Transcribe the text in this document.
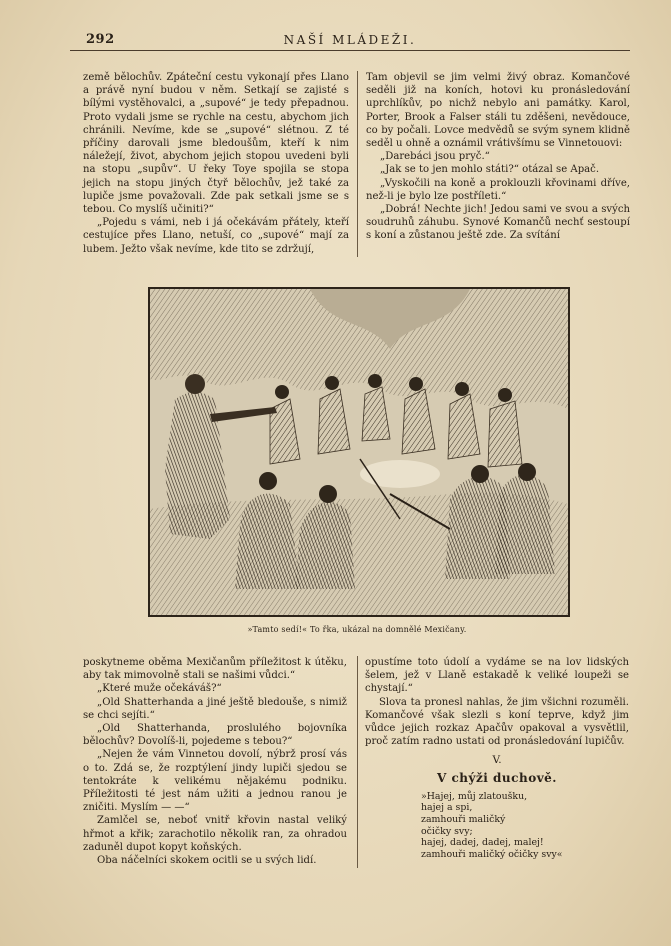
292	NAŠÍ MLÁDEŽI.

země bělochův. Zpáteční cestu vykonají přes Llano a právě nyní budou v něm. Setkají se zajisté s bílými vystěhovalci, a „supové“ je tedy přepadnou. Proto vydali jsme se rychle na cestu, abychom jich chránili. Nevíme, kde se „supové“ slétnou. Z té příčiny darovali jsme bledoušům, kteří k nim náležejí, život, abychom jejich stopou uvedeni byli na stopu „supův“. U řeky Toye spojila se stopa jejich na stopu jiných čtyř bělochův, jež také za lupiče jsme považovali. Zde pak setkali jsme se s tebou. Co myslíš učiniti?“

„Pojedu s vámi, neb i já očekávám přátely, kteří cestujíce přes Llano, netuší, co „supové“ mají za lubem. Ježto však nevíme, kde tito se zdržují,

Tam objevil se jim velmi živý obraz. Komančové seděli již na koních, hotovi ku pronásledování uprchlíkův, po nichž nebylo ani památky. Karol, Porter, Brook a Falser stáli tu zděšeni, nevědouce, co by počali. Lovce medvědů se svým synem klidně seděl u ohně a oznámil vrátivšímu se Vinnetouovi:

„Darebáci jsou pryč.“

„Jak se to jen mohlo státi?“ otázal se Apač.

„Vyskočili na koně a proklouzli křovinami dříve, než-li je bylo lze postříleti.“

„Dobrá! Nechte jich! Jedou sami ve svou a svých soudruhů záhubu. Synové Komančů nechť sestoupí s koní a zůstanou ještě zde. Za svítání

»Tamto sedí!« To řka, ukázal na domnělé Mexičany.

poskytneme oběma Mexičanům příležitost k útěku, aby tak mimovolně stali se našimi vůdci.“

„Které muže očekáváš?“

„Old Shatterhanda a jiné ještě bledouše, s nimiž se chci sejíti.“

„Old Shatterhanda, proslulého bojovníka bělochův? Dovolíš-li, pojedeme s tebou?“

„Nejen že vám Vinnetou dovolí, nýbrž prosí vás o to. Zdá se, že rozptýlení jindy lupiči sjedou se tentokráte k velikému nějakému podniku. Příležitosti té jest nám užiti a jednou ranou je zničiti. Myslím — —“

Zamlčel se, neboť vnitř křovin nastal veliký hřmot a křik; zarachotilo několik ran, za ohradou zaduněl dupot kopyt koňských.

Oba náčelníci skokem ocitli se u svých lidí.

opustíme toto údolí a vydáme se na lov lidských šelem, jež v Llaně estakadě k veliké loupeži se chystají.“

Slova ta pronesl nahlas, že jim všichni rozuměli. Komančové však slezli s koní teprve, když jim vůdce jejich rozkaz Apačův opakoval a vysvětlil, proč zatím radno ustati od pronásledování lupičův.

V.
V chýži duchově.
»Hajej, můj zlatoušku,
hajej a spi,
zamhouři maličký
očičky svy;
hajej, dadej, dadej, malej!
zamhouři maličký očičky svy«
